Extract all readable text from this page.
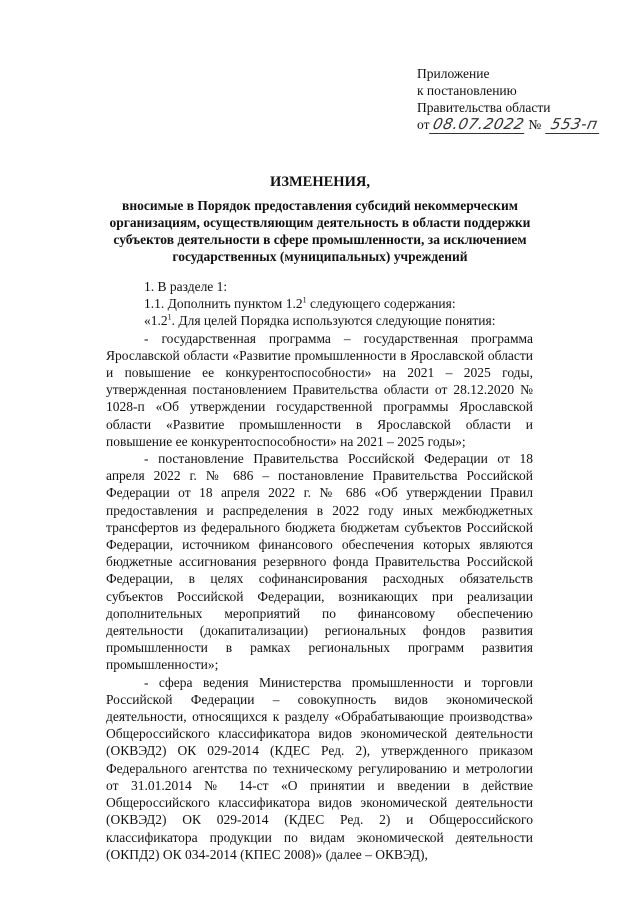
Приложение
к постановлению
Правительства области
от 08.07.2022 № 553-п
ИЗМЕНЕНИЯ,
вносимые в Порядок предоставления субсидий некоммерческим
организациям, осуществляющим деятельность в области поддержки
субъектов деятельности в сфере промышленности, за исключением
государственных (муниципальных) учреждений

1. В разделе 1:

1.1. Дополнить пунктом $1.2^1$ следующего содержания:

«$1.2^1$. Для целей Порядка используются следующие понятия:

- государственная программа – государственная программа Ярославской области «Развитие промышленности в Ярославской области и повышение ее конкурентоспособности» на 2021 – 2025 годы, утвержденная постановлением Правительства области от 28.12.2020 № 1028-п «Об утверждении государственной программы Ярославской области «Развитие промышленности в Ярославской области и повышение ее конкурентоспособности» на 2021 – 2025 годы»;

- постановление Правительства Российской Федерации от 18 апреля 2022 г. № 686 – постановление Правительства Российской Федерации от 18 апреля 2022 г. № 686 «Об утверждении Правил предоставления и распределения в 2022 году иных межбюджетных трансфертов из федерального бюджета бюджетам субъектов Российской Федерации, источником финансового обеспечения которых являются бюджетные ассигнования резервного фонда Правительства Российской Федерации, в целях софинансирования расходных обязательств субъектов Российской Федерации, возникающих при реализации дополнительных мероприятий по финансовому обеспечению деятельности (докапитализации) региональных фондов развития промышленности в рамках региональных программ развития промышленности»;

- сфера ведения Министерства промышленности и торговли Российской Федерации – совокупность видов экономической деятельности, относящихся к разделу «Обрабатывающие производства» Общероссийского классификатора видов экономической деятельности (ОКВЭД2) ОК 029-2014 (КДЕС Ред. 2), утвержденного приказом Федерального агентства по техническому регулированию и метрологии от 31.01.2014 № 14-ст «О принятии и введении в действие Общероссийского классификатора видов экономической деятельности (ОКВЭД2) ОК 029-2014 (КДЕС Ред. 2) и Общероссийского классификатора продукции по видам экономической деятельности (ОКПД2) ОК 034-2014 (КПЕС 2008)» (далее – ОКВЭД),
